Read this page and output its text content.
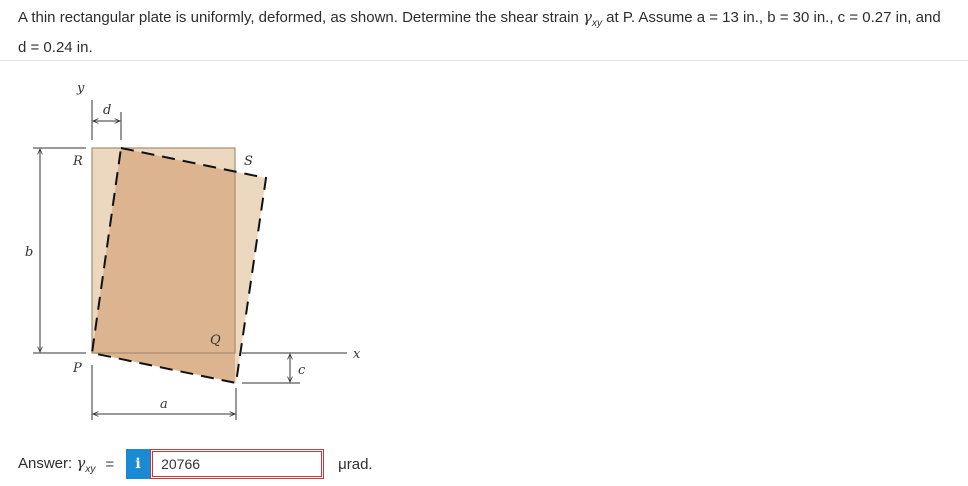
A thin rectangular plate is uniformly, deformed, as shown. Determine the shear strain $\gamma_{xy}$ at P. Assume a = 13 in., b = 30 in., c = 0.27 in, and d = 0.24 in.

y
d
R	S
Q
P
b
x
c
a
Answer: $\gamma_{xy}$ =	i
20766	μrad.
